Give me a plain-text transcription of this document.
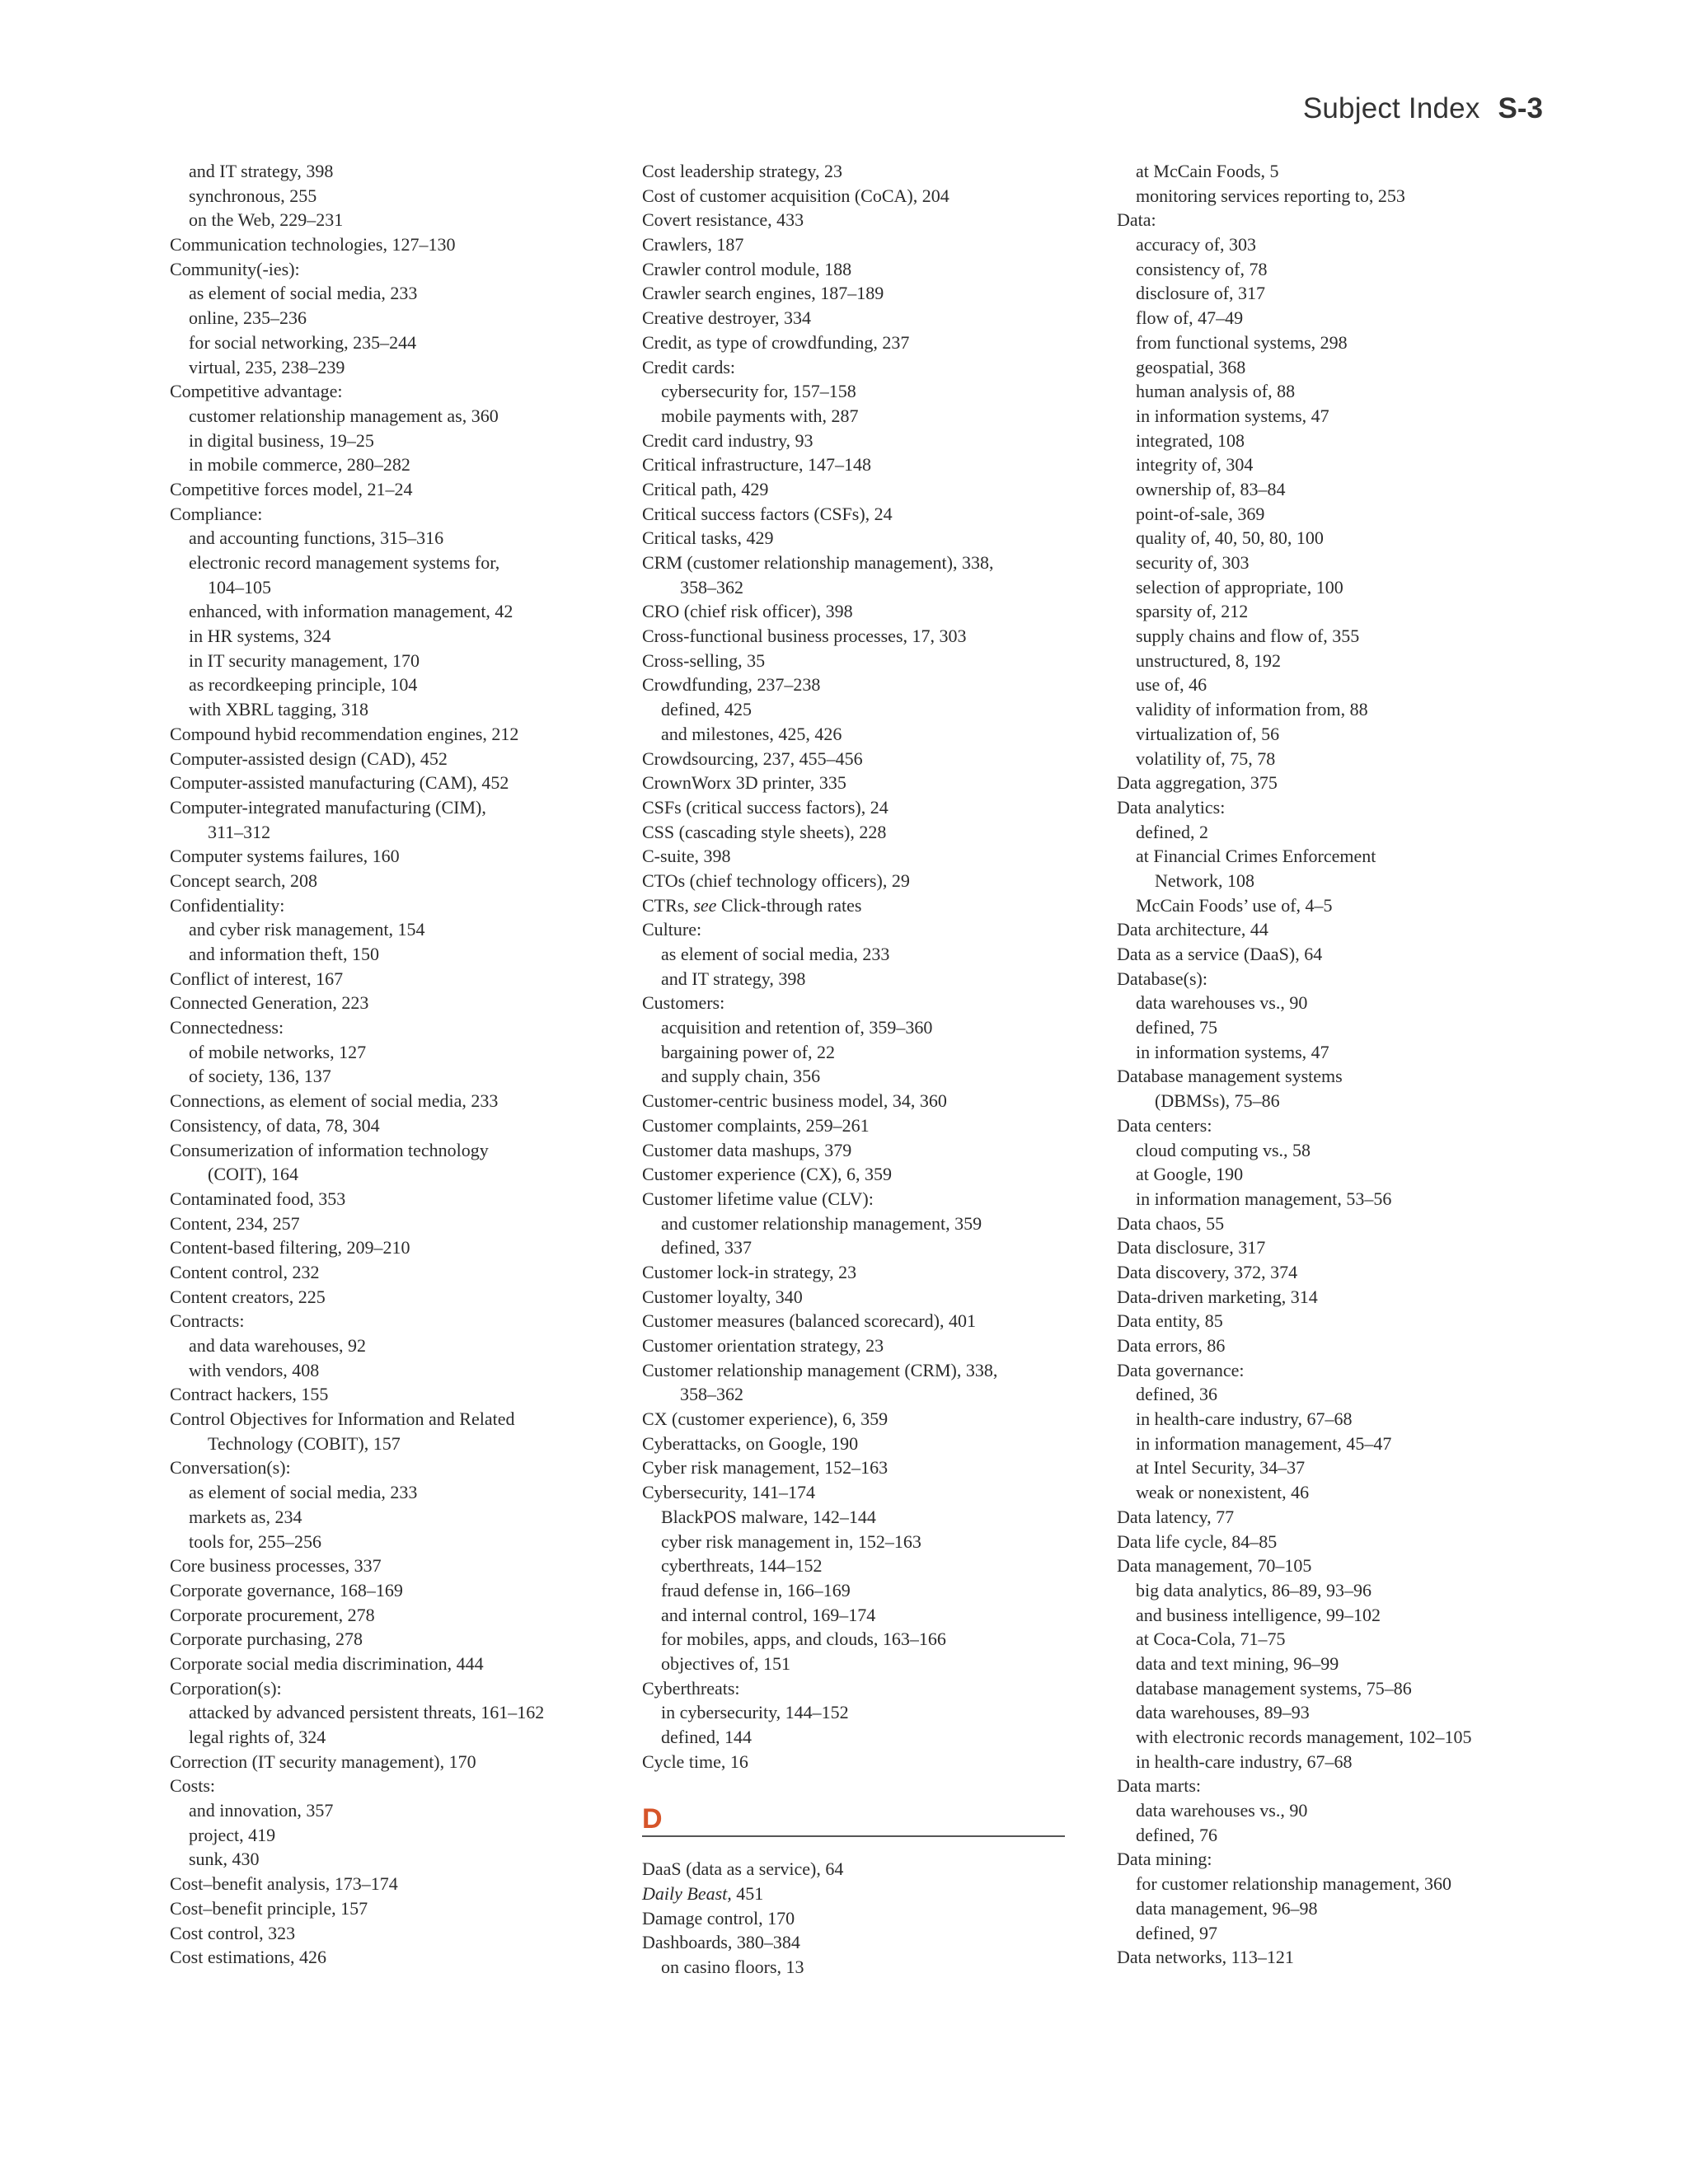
Subject Index S-3
and IT strategy, 398
synchronous, 255
on the Web, 229–231
Communication technologies, 127–130
Community(-ies):
as element of social media, 233
online, 235–236
for social networking, 235–244
virtual, 235, 238–239
Competitive advantage:
customer relationship management as, 360
in digital business, 19–25
in mobile commerce, 280–282
Competitive forces model, 21–24
Compliance:
and accounting functions, 315–316
electronic record management systems for,
104–105
enhanced, with information management, 42
in HR systems, 324
in IT security management, 170
as recordkeeping principle, 104
with XBRL tagging, 318
Compound hybid recommendation engines, 212
Computer-assisted design (CAD), 452
Computer-assisted manufacturing (CAM), 452
Computer-integrated manufacturing (CIM),
311–312
Computer systems failures, 160
Concept search, 208
Confidentiality:
and cyber risk management, 154
and information theft, 150
Conflict of interest, 167
Connected Generation, 223
Connectedness:
of mobile networks, 127
of society, 136, 137
Connections, as element of social media, 233
Consistency, of data, 78, 304
Consumerization of information technology
(COIT), 164
Contaminated food, 353
Content, 234, 257
Content-based filtering, 209–210
Content control, 232
Content creators, 225
Contracts:
and data warehouses, 92
with vendors, 408
Contract hackers, 155
Control Objectives for Information and Related
Technology (COBIT), 157
Conversation(s):
as element of social media, 233
markets as, 234
tools for, 255–256
Core business processes, 337
Corporate governance, 168–169
Corporate procurement, 278
Corporate purchasing, 278
Corporate social media discrimination, 444
Corporation(s):
attacked by advanced persistent threats, 161–162
legal rights of, 324
Correction (IT security management), 170
Costs:
and innovation, 357
project, 419
sunk, 430
Cost–benefit analysis, 173–174
Cost–benefit principle, 157
Cost control, 323
Cost estimations, 426
Cost leadership strategy, 23
Cost of customer acquisition (CoCA), 204
Covert resistance, 433
Crawlers, 187
Crawler control module, 188
Crawler search engines, 187–189
Creative destroyer, 334
Credit, as type of crowdfunding, 237
Credit cards:
cybersecurity for, 157–158
mobile payments with, 287
Credit card industry, 93
Critical infrastructure, 147–148
Critical path, 429
Critical success factors (CSFs), 24
Critical tasks, 429
CRM (customer relationship management), 338,
358–362
CRO (chief risk officer), 398
Cross-functional business processes, 17, 303
Cross-selling, 35
Crowdfunding, 237–238
defined, 425
and milestones, 425, 426
Crowdsourcing, 237, 455–456
CrownWorx 3D printer, 335
CSFs (critical success factors), 24
CSS (cascading style sheets), 228
C-suite, 398
CTOs (chief technology officers), 29
CTRs, see Click-through rates
Culture:
as element of social media, 233
and IT strategy, 398
Customers:
acquisition and retention of, 359–360
bargaining power of, 22
and supply chain, 356
Customer-centric business model, 34, 360
Customer complaints, 259–261
Customer data mashups, 379
Customer experience (CX), 6, 359
Customer lifetime value (CLV):
and customer relationship management, 359
defined, 337
Customer lock-in strategy, 23
Customer loyalty, 340
Customer measures (balanced scorecard), 401
Customer orientation strategy, 23
Customer relationship management (CRM), 338,
358–362
CX (customer experience), 6, 359
Cyberattacks, on Google, 190
Cyber risk management, 152–163
Cybersecurity, 141–174
BlackPOS malware, 142–144
cyber risk management in, 152–163
cyberthreats, 144–152
fraud defense in, 166–169
and internal control, 169–174
for mobiles, apps, and clouds, 163–166
objectives of, 151
Cyberthreats:
in cybersecurity, 144–152
defined, 144
Cycle time, 16
D
DaaS (data as a service), 64
Daily Beast, 451
Damage control, 170
Dashboards, 380–384
on casino floors, 13
at McCain Foods, 5
monitoring services reporting to, 253
Data:
accuracy of, 303
consistency of, 78
disclosure of, 317
flow of, 47–49
from functional systems, 298
geospatial, 368
human analysis of, 88
in information systems, 47
integrated, 108
integrity of, 304
ownership of, 83–84
point-of-sale, 369
quality of, 40, 50, 80, 100
security of, 303
selection of appropriate, 100
sparsity of, 212
supply chains and flow of, 355
unstructured, 8, 192
use of, 46
validity of information from, 88
virtualization of, 56
volatility of, 75, 78
Data aggregation, 375
Data analytics:
defined, 2
at Financial Crimes Enforcement
Network, 108
McCain Foods’ use of, 4–5
Data architecture, 44
Data as a service (DaaS), 64
Database(s):
data warehouses vs., 90
defined, 75
in information systems, 47
Database management systems
(DBMSs), 75–86
Data centers:
cloud computing vs., 58
at Google, 190
in information management, 53–56
Data chaos, 55
Data disclosure, 317
Data discovery, 372, 374
Data-driven marketing, 314
Data entity, 85
Data errors, 86
Data governance:
defined, 36
in health-care industry, 67–68
in information management, 45–47
at Intel Security, 34–37
weak or nonexistent, 46
Data latency, 77
Data life cycle, 84–85
Data management, 70–105
big data analytics, 86–89, 93–96
and business intelligence, 99–102
at Coca-Cola, 71–75
data and text mining, 96–99
database management systems, 75–86
data warehouses, 89–93
with electronic records management, 102–105
in health-care industry, 67–68
Data marts:
data warehouses vs., 90
defined, 76
Data mining:
for customer relationship management, 360
data management, 96–98
defined, 97
Data networks, 113–121
